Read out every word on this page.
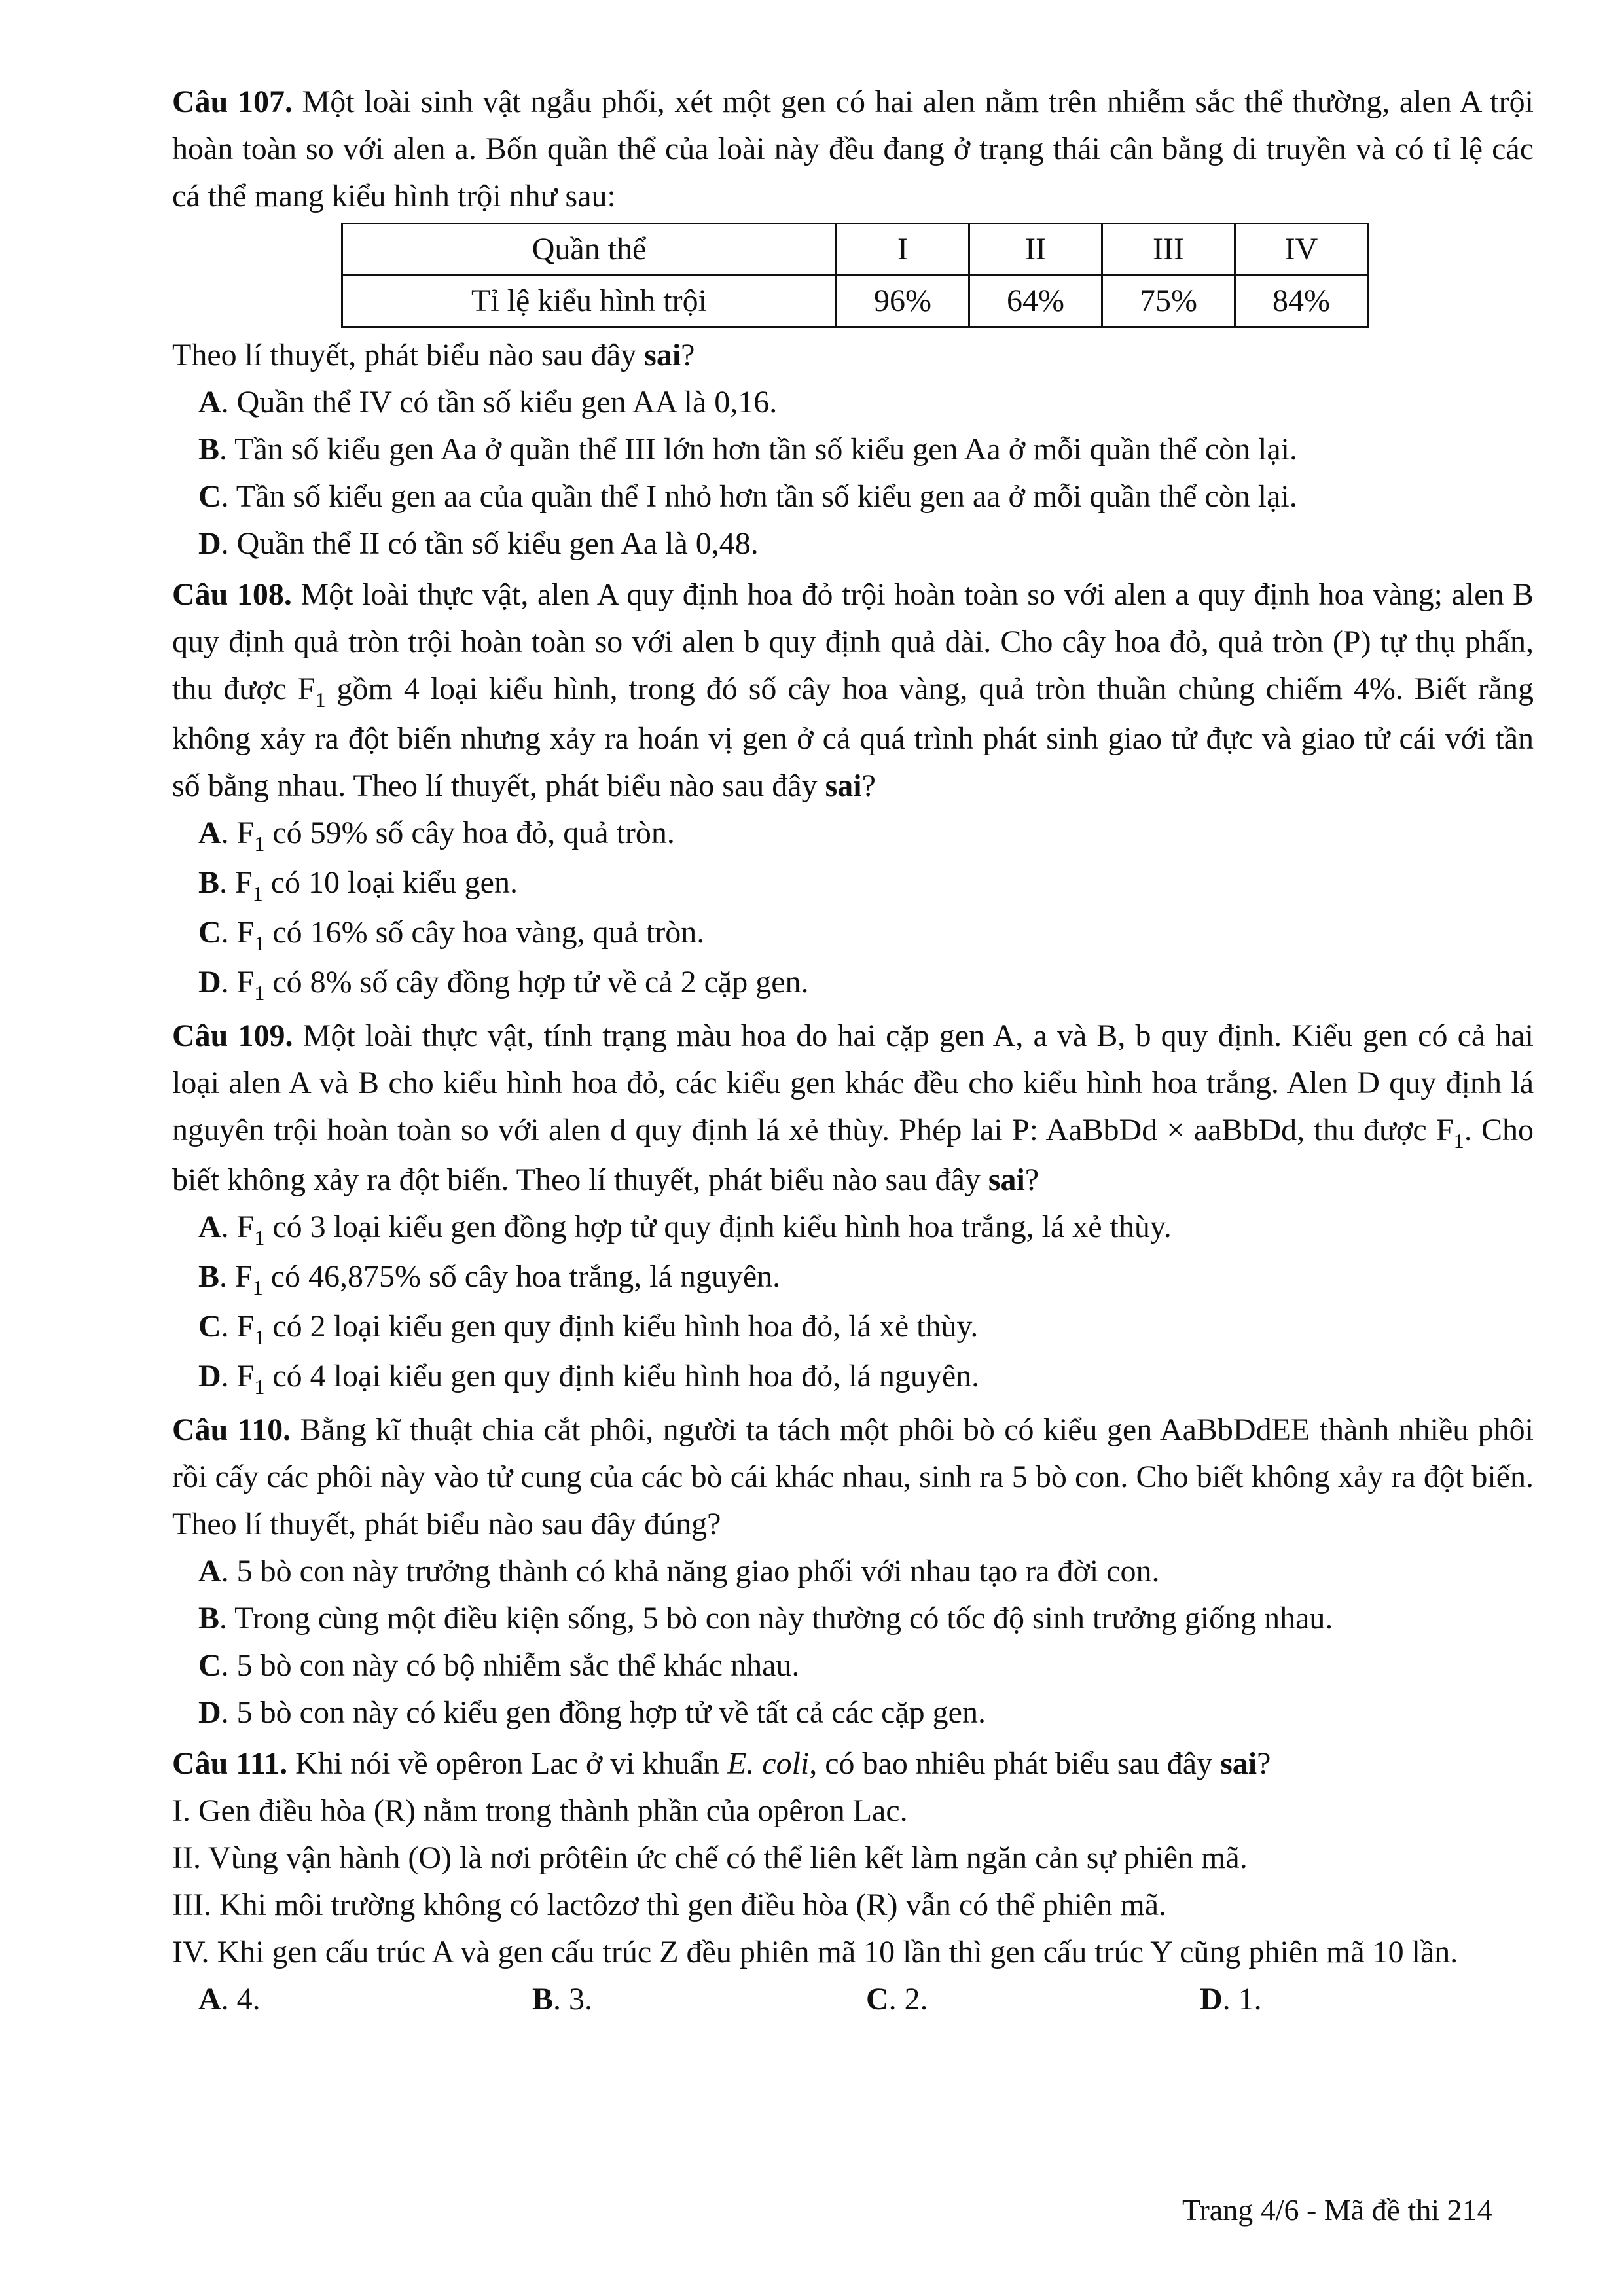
Câu 107. Một loài sinh vật ngẫu phối, xét một gen có hai alen nằm trên nhiễm sắc thể thường, alen A trội hoàn toàn so với alen a. Bốn quần thể của loài này đều đang ở trạng thái cân bằng di truyền và có tỉ lệ các cá thể mang kiểu hình trội như sau:

Quần thể	I	II	III	IV
Tỉ lệ kiểu hình trội	96%	64%	75%	84%

Theo lí thuyết, phát biểu nào sau đây sai?

A. Quần thể IV có tần số kiểu gen AA là 0,16.

B. Tần số kiểu gen Aa ở quần thể III lớn hơn tần số kiểu gen Aa ở mỗi quần thể còn lại.

C. Tần số kiểu gen aa của quần thể I nhỏ hơn tần số kiểu gen aa ở mỗi quần thể còn lại.

D. Quần thể II có tần số kiểu gen Aa là 0,48.

Câu 108. Một loài thực vật, alen A quy định hoa đỏ trội hoàn toàn so với alen a quy định hoa vàng; alen B quy định quả tròn trội hoàn toàn so với alen b quy định quả dài. Cho cây hoa đỏ, quả tròn (P) tự thụ phấn, thu được $F_1$ gồm 4 loại kiểu hình, trong đó số cây hoa vàng, quả tròn thuần chủng chiếm 4%. Biết rằng không xảy ra đột biến nhưng xảy ra hoán vị gen ở cả quá trình phát sinh giao tử đực và giao tử cái với tần số bằng nhau. Theo lí thuyết, phát biểu nào sau đây sai?

A. $F_1$ có 59% số cây hoa đỏ, quả tròn.

B. $F_1$ có 10 loại kiểu gen.

C. $F_1$ có 16% số cây hoa vàng, quả tròn.

D. $F_1$ có 8% số cây đồng hợp tử về cả 2 cặp gen.

Câu 109. Một loài thực vật, tính trạng màu hoa do hai cặp gen A, a và B, b quy định. Kiểu gen có cả hai loại alen A và B cho kiểu hình hoa đỏ, các kiểu gen khác đều cho kiểu hình hoa trắng. Alen D quy định lá nguyên trội hoàn toàn so với alen d quy định lá xẻ thùy. Phép lai P: AaBbDd × aaBbDd, thu được $F_1$. Cho biết không xảy ra đột biến. Theo lí thuyết, phát biểu nào sau đây sai?

A. $F_1$ có 3 loại kiểu gen đồng hợp tử quy định kiểu hình hoa trắng, lá xẻ thùy.

B. $F_1$ có 46,875% số cây hoa trắng, lá nguyên.

C. $F_1$ có 2 loại kiểu gen quy định kiểu hình hoa đỏ, lá xẻ thùy.

D. $F_1$ có 4 loại kiểu gen quy định kiểu hình hoa đỏ, lá nguyên.

Câu 110. Bằng kĩ thuật chia cắt phôi, người ta tách một phôi bò có kiểu gen AaBbDdEE thành nhiều phôi rồi cấy các phôi này vào tử cung của các bò cái khác nhau, sinh ra 5 bò con. Cho biết không xảy ra đột biến. Theo lí thuyết, phát biểu nào sau đây đúng?

A. 5 bò con này trưởng thành có khả năng giao phối với nhau tạo ra đời con.

B. Trong cùng một điều kiện sống, 5 bò con này thường có tốc độ sinh trưởng giống nhau.

C. 5 bò con này có bộ nhiễm sắc thể khác nhau.

D. 5 bò con này có kiểu gen đồng hợp tử về tất cả các cặp gen.

Câu 111. Khi nói về opêron Lac ở vi khuẩn E. coli, có bao nhiêu phát biểu sau đây sai?

I. Gen điều hòa (R) nằm trong thành phần của opêron Lac.

II. Vùng vận hành (O) là nơi prôtêin ức chế có thể liên kết làm ngăn cản sự phiên mã.

III. Khi môi trường không có lactôzơ thì gen điều hòa (R) vẫn có thể phiên mã.

IV. Khi gen cấu trúc A và gen cấu trúc Z đều phiên mã 10 lần thì gen cấu trúc Y cũng phiên mã 10 lần.

A. 4.	B. 3.	C. 2.	D. 1.
Trang 4/6 - Mã đề thi 214
